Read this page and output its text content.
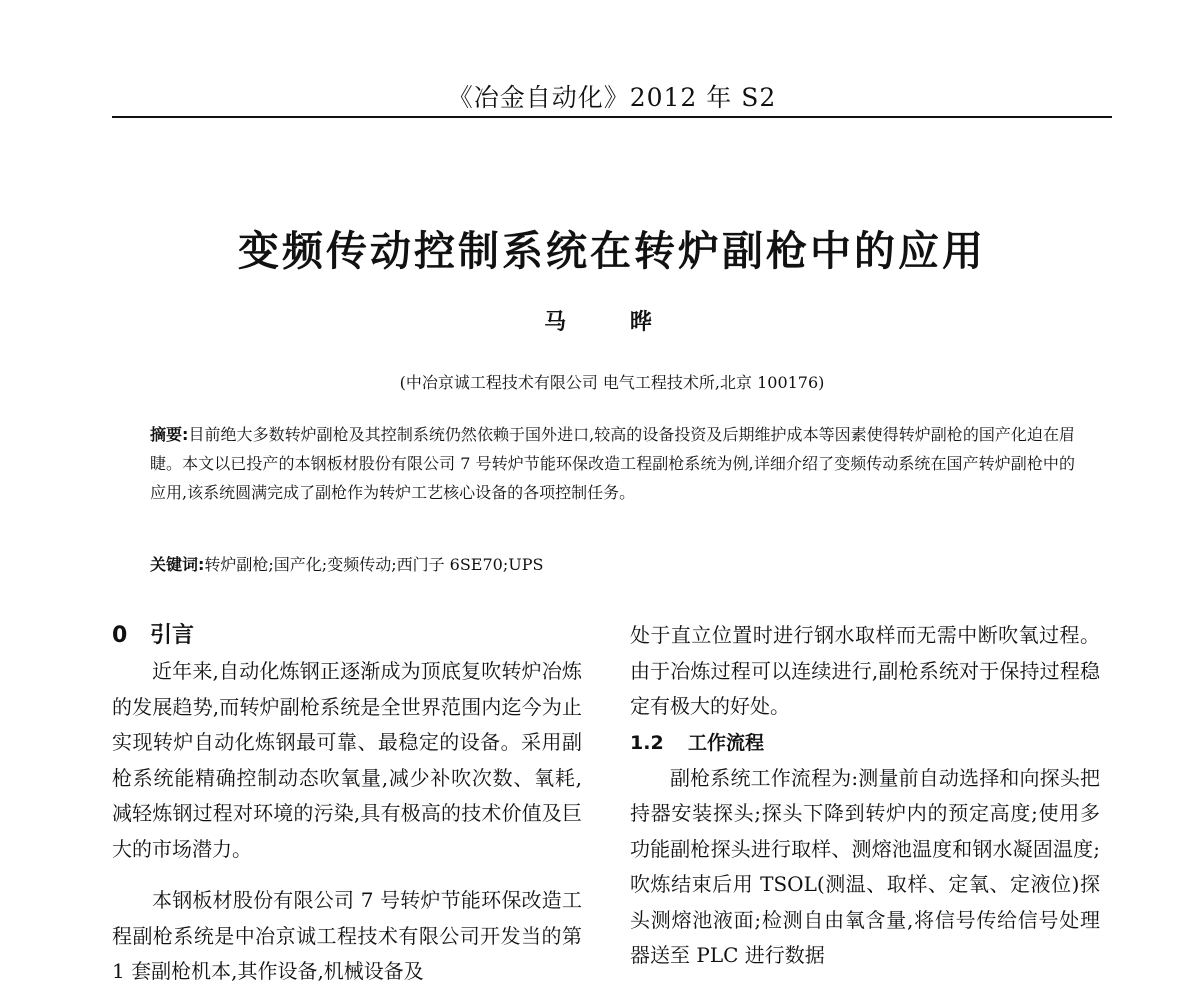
《冶金自动化》2012 年 S2
变频传动控制系统在转炉副枪中的应用
马 晔
(中冶京诚工程技术有限公司 电气工程技术所,北京 100176)
摘要:目前绝大多数转炉副枪及其控制系统仍然依赖于国外进口,较高的设备投资及后期维护成本等因素使得转炉副枪的国产化迫在眉睫。本文以已投产的本钢板材股份有限公司 7 号转炉节能环保改造工程副枪系统为例,详细介绍了变频传动系统在国产转炉副枪中的应用,该系统圆满完成了副枪作为转炉工艺核心设备的各项控制任务。
关键词:转炉副枪;国产化;变频传动;西门子 6SE70;UPS
0 引言

近年来,自动化炼钢正逐渐成为顶底复吹转炉冶炼的发展趋势,而转炉副枪系统是全世界范围内迄今为止实现转炉自动化炼钢最可靠、最稳定的设备。采用副枪系统能精确控制动态吹氧量,减少补吹次数、氧耗,减轻炼钢过程对环境的污染,具有极高的技术价值及巨大的市场潜力。

本钢板材股份有限公司 7 号转炉节能环保改造工程副枪系统是中冶京诚工程技术有限公司开发当的第 1 套副枪机本,其作设备,机械设备及

处于直立位置时进行钢水取样而无需中断吹氧过程。由于冶炼过程可以连续进行,副枪系统对于保持过程稳定有极大的好处。

1.2 工作流程

副枪系统工作流程为:测量前自动选择和向探头把持器安装探头;探头下降到转炉内的预定高度;使用多功能副枪探头进行取样、测熔池温度和钢水凝固温度;吹炼结束后用 TSOL(测温、取样、定氧、定液位)探头测熔池液面;检测自由氧含量,将信号传给信号处理器送至 PLC 进行数据
